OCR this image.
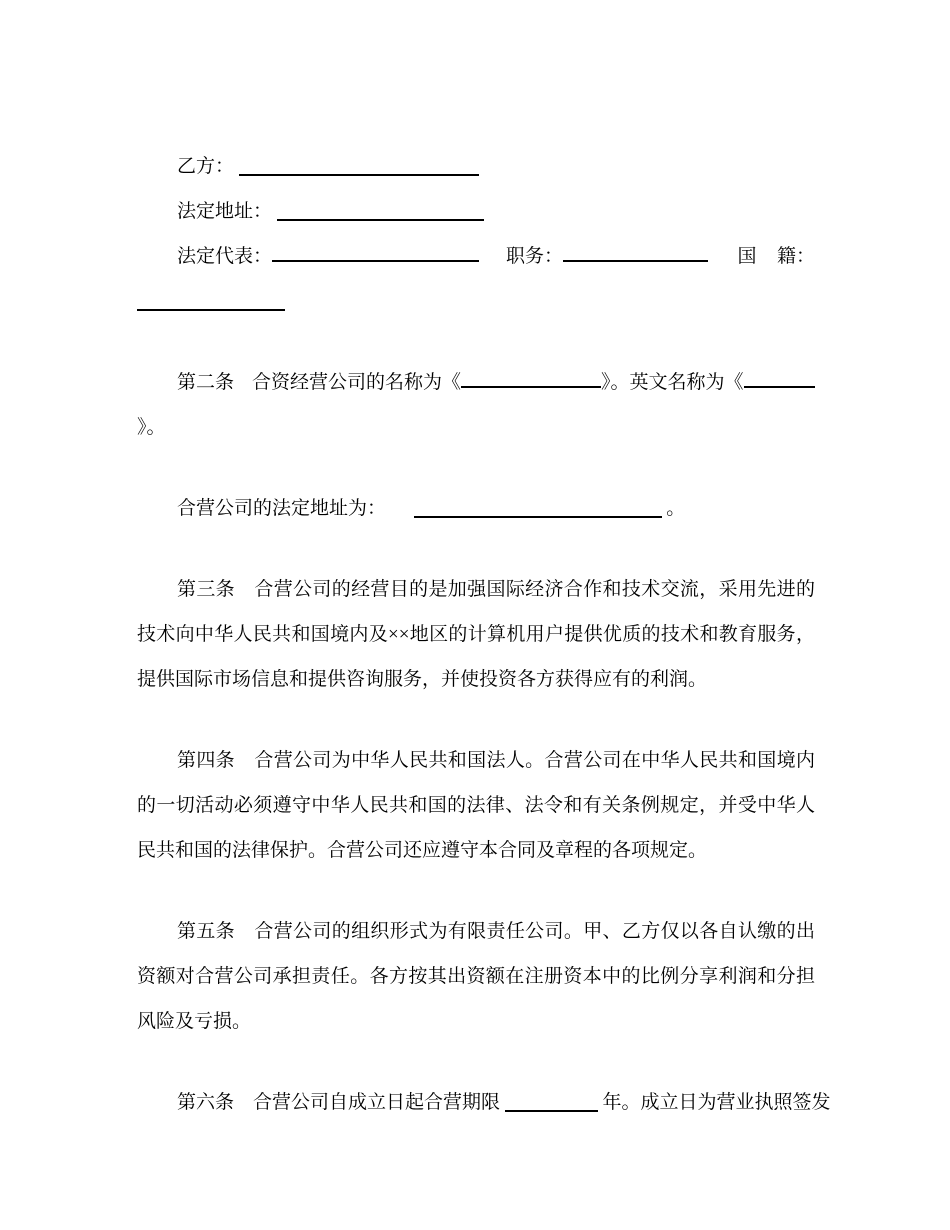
乙方：

法定地址：

法定代表：	职务：	国 籍：

第二条 合资经营公司的名称为《	》。英文名称为《

》。

合营公司的法定地址为：	。

第三条　合营公司的经营目的是加强国际经济合作和技术交流，采用先进的技术向中华人民共和国境内及××地区的计算机用户提供优质的技术和教育服务，提供国际市场信息和提供咨询服务，并使投资各方获得应有的利润。

第四条　合营公司为中华人民共和国法人。合营公司在中华人民共和国境内的一切活动必须遵守中华人民共和国的法律、法令和有关条例规定，并受中华人民共和国的法律保护。合营公司还应遵守本合同及章程的各项规定。

第五条　合营公司的组织形式为有限责任公司。甲、乙方仅以各自认缴的出资额对合营公司承担责任。各方按其出资额在注册资本中的比例分享利润和分担风险及亏损。

第六条　合营公司自成立日起合营期限	年。成立日为营业执照签发
